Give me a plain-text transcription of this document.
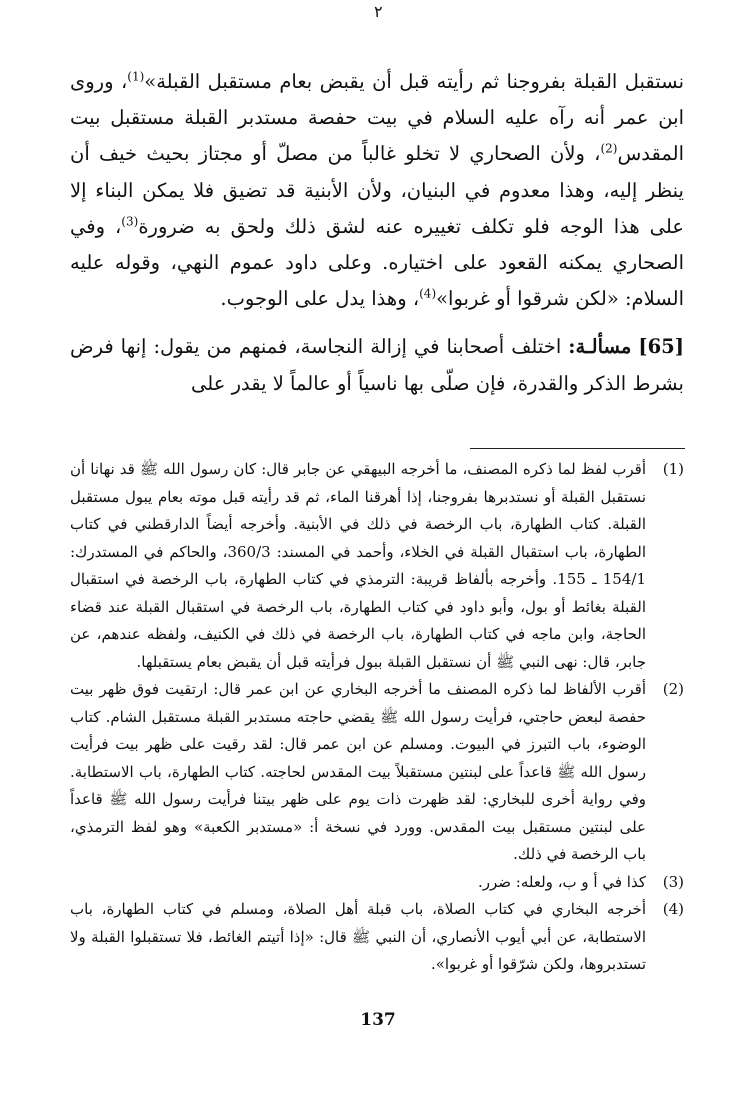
٢

نستقبل القبلة بفروجنا ثم رأيته قبل أن يقبض بعام مستقبل القبلة»$^{(1)}$، وروى ابن عمر أنه رآه عليه السلام في بيت حفصة مستدبر القبلة مستقبل بيت المقدس$^{(2)}$، ولأن الصحاري لا تخلو غالباً من مصلّ أو مجتاز بحيث خيف أن ينظر إليه، وهذا معدوم في البنيان، ولأن الأبنية قد تضيق فلا يمكن البناء إلا على هذا الوجه فلو تكلف تغييره عنه لشق ذلك ولحق به ضرورة$^{(3)}$، وفي الصحاري يمكنه القعود على اختياره. وعلى داود عموم النهي، وقوله عليه السلام: «لكن شرقوا أو غربوا»$^{(4)}$، وهذا يدل على الوجوب.

[65] مسألـة: اختلف أصحابنا في إزالة النجاسة، فمنهم من يقول: إنها فرض بشرط الذكر والقدرة، فإن صلّى بها ناسياً أو عالماً لا يقدر على

(1)
أقرب لفظ لما ذكره المصنف، ما أخرجه البيهقي عن جابر قال: كان رسول الله ﷺ قد نهانا أن نستقبل القبلة أو نستدبرها بفروجنا، إذا أهرقنا الماء، ثم قد رأيته قبل موته بعام يبول مستقبل القبلة. كتاب الطهارة، باب الرخصة في ذلك في الأبنية. وأخرجه أيضاً الدارقطني في كتاب الطهارة، باب استقبال القبلة في الخلاء، وأحمد في المسند: 360/3، والحاكم في المستدرك: 154/1 ـ 155. وأخرجه بألفاظ قريبة: الترمذي في كتاب الطهارة، باب الرخصة في استقبال القبلة بغائط أو بول، وأبو داود في كتاب الطهارة، باب الرخصة في استقبال القبلة عند قضاء الحاجة، وابن ماجه في كتاب الطهارة، باب الرخصة في ذلك في الكنيف، ولفظه عندهم، عن جابر، قال: نهى النبي ﷺ أن نستقبل القبلة ببول فرأيته قبل أن يقبض بعام يستقبلها.
(2)
أقرب الألفاظ لما ذكره المصنف ما أخرجه البخاري عن ابن عمر قال: ارتقيت فوق ظهر بيت حفصة لبعض حاجتي، فرأيت رسول الله ﷺ يقضي حاجته مستدبر القبلة مستقبل الشام. كتاب الوضوء، باب التبرز في البيوت. ومسلم عن ابن عمر قال: لقد رقيت على ظهر بيت فرأيت رسول الله ﷺ قاعداً على لبنتين مستقبلاً بيت المقدس لحاجته. كتاب الطهارة، باب الاستطابة. وفي رواية أخرى للبخاري: لقد ظهرت ذات يوم على ظهر بيتنا فرأيت رسول الله ﷺ قاعداً على لبنتين مستقبل بيت المقدس. وورد في نسخة أ: «مستدبر الكعبة» وهو لفظ الترمذي، باب الرخصة في ذلك.
(3)
كذا في أ و ب، ولعله: ضرر.
(4)
أخرجه البخاري في كتاب الصلاة، باب قبلة أهل الصلاة، ومسلم في كتاب الطهارة، باب الاستطابة، عن أبي أيوب الأنصاري، أن النبي ﷺ قال: «إذا أتيتم الغائط، فلا تستقبلوا القبلة ولا تستدبروها، ولكن شرّقوا أو غربوا».
137
